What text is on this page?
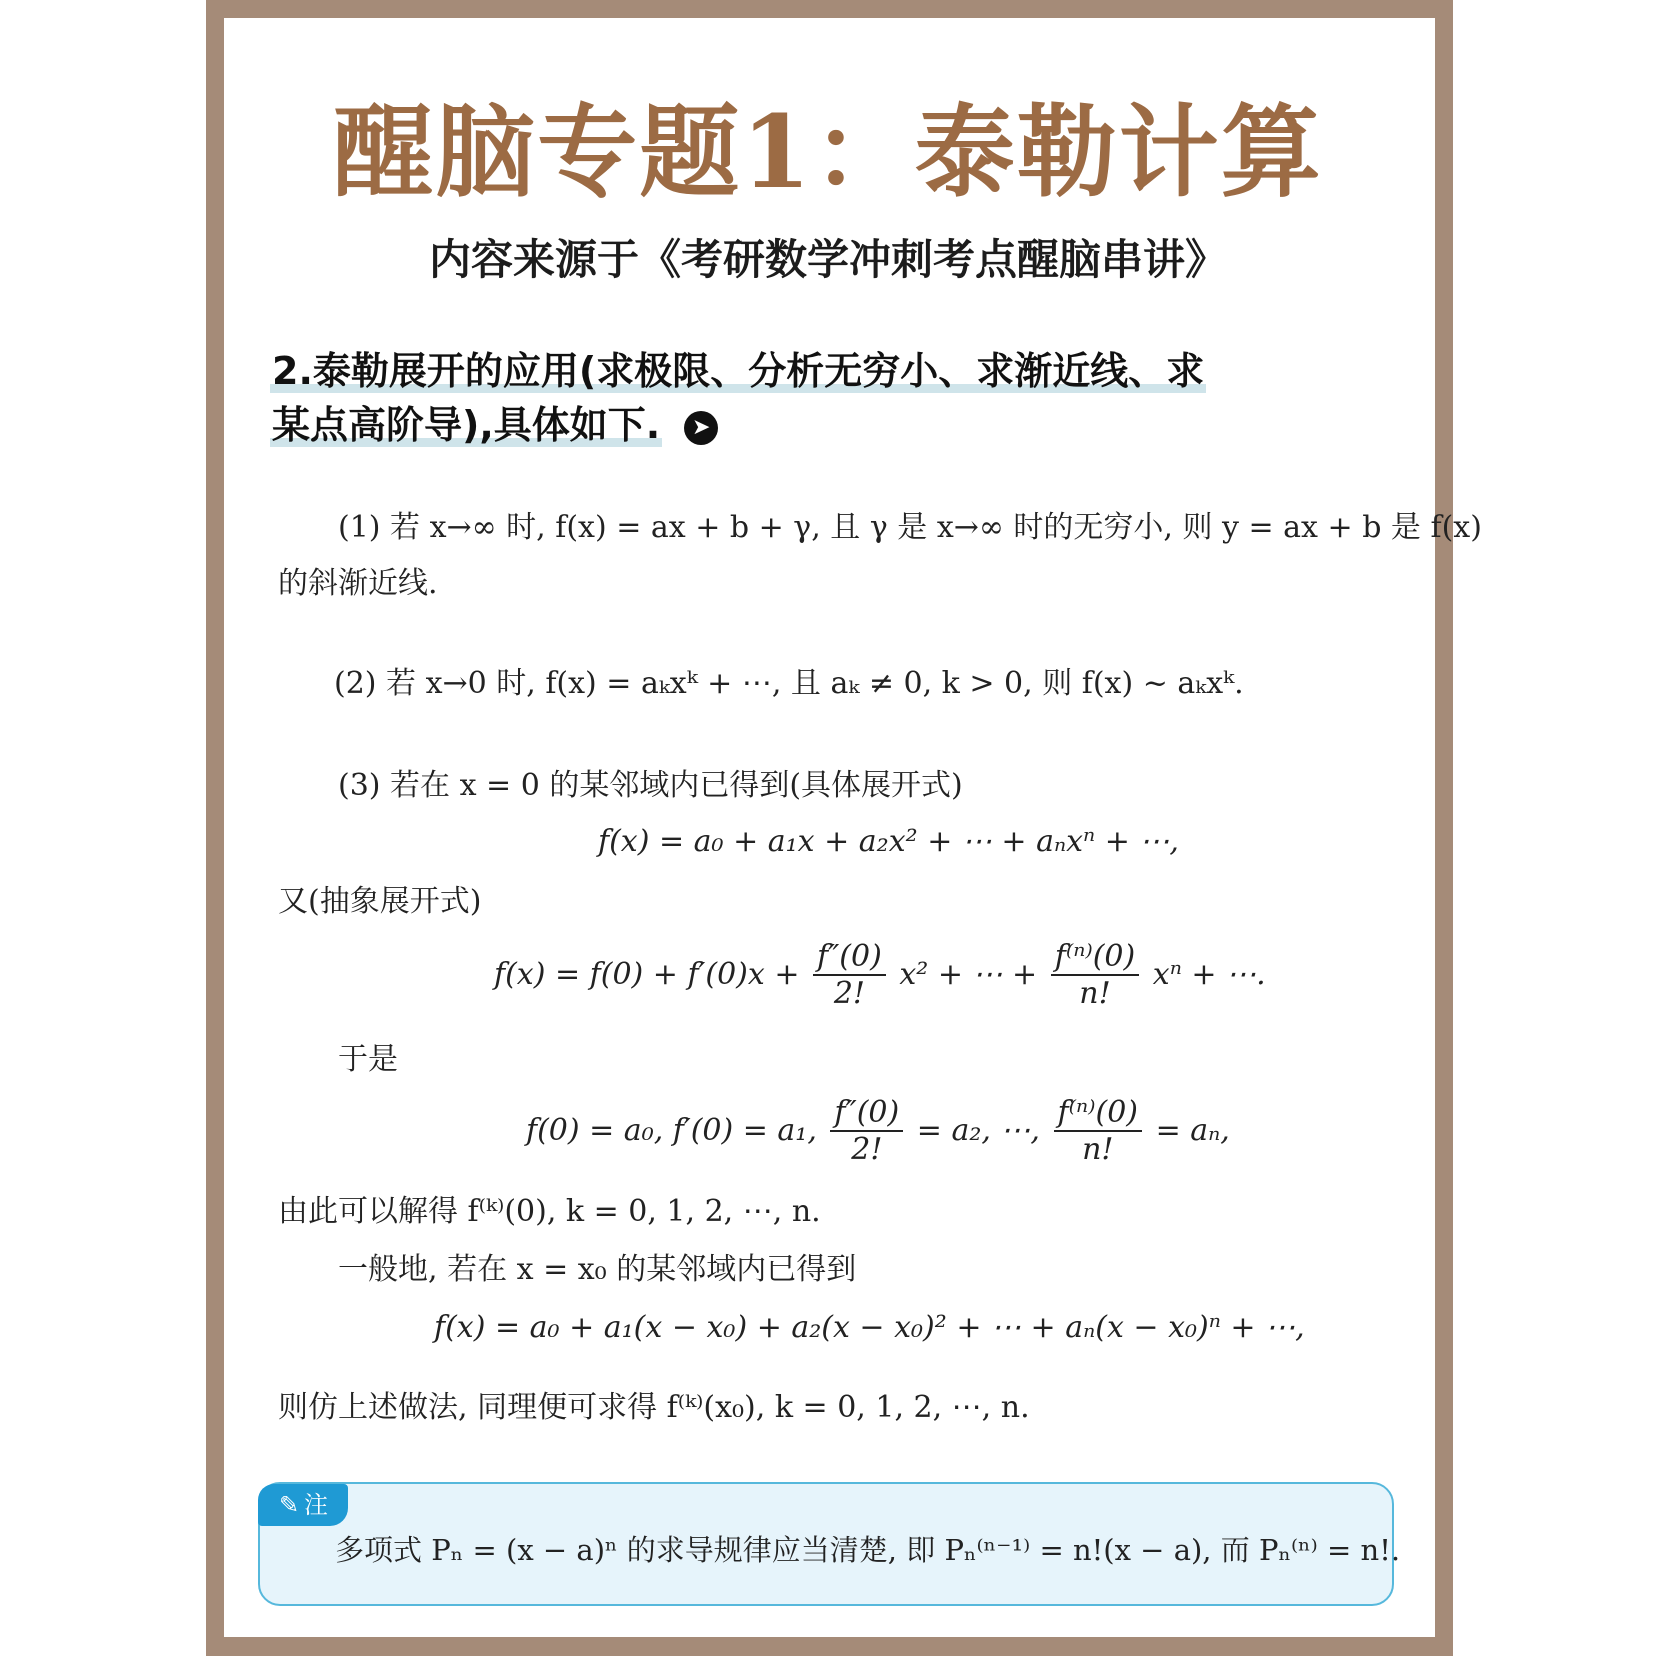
醒脑专题1：泰勒计算
内容来源于《考研数学冲刺考点醒脑串讲》
2.泰勒展开的应用(求极限、分析无穷小、求渐近线、求
某点高阶导),具体如下. ➤
(1) 若 x→∞ 时, f(x) = ax + b + γ, 且 γ 是 x→∞ 时的无穷小, 则 y = ax + b 是 f(x)
的斜渐近线.
(2) 若 x→0 时, f(x) = aₖxᵏ + ⋯, 且 aₖ ≠ 0, k > 0, 则 f(x) ~ aₖxᵏ.
(3) 若在 x = 0 的某邻域内已得到(具体展开式)
f(x) = a₀ + a₁x + a₂x² + ⋯ + aₙxⁿ + ⋯,
又(抽象展开式)
$f(x) = f(0) + f'(0)x + \frac{f''(0)}{2!} x^2$ + ⋯ + $\frac{\text{f⁽ⁿ⁾(0)}}{n!}$ xⁿ + ⋯.
于是
f(0) = a₀, f′(0) = a₁, $\frac{f''(0)}{2!} = a_2$, ⋯, $\frac{\text{f⁽ⁿ⁾(0)}}{n!} = a_n$,
由此可以解得 f⁽ᵏ⁾(0), k = 0, 1, 2, ⋯, n.
一般地, 若在 x = x₀ 的某邻域内已得到
f(x) = a₀ + a₁(x − x₀) + a₂(x − x₀)² + ⋯ + aₙ(x − x₀)ⁿ + ⋯,
则仿上述做法, 同理便可求得 f⁽ᵏ⁾(x₀), k = 0, 1, 2, ⋯, n.
✎ 注
多项式 Pₙ = (x − a)ⁿ 的求导规律应当清楚, 即 Pₙ⁽ⁿ⁻¹⁾ = n!(x − a), 而 Pₙ⁽ⁿ⁾ = n!.
